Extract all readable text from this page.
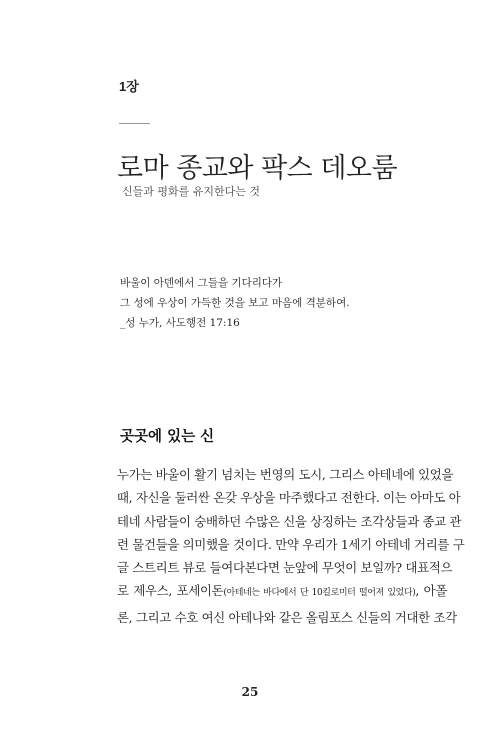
1장
로마 종교와 팍스 데오룸
신들과 평화를 유지한다는 것
바울이 아덴에서 그들을 기다리다가
그 성에 우상이 가득한 것을 보고 마음에 격분하여.
_성 누가, 사도행전 17:16
곳곳에 있는 신
누가는 바울이 활기 넘치는 번영의 도시, 그리스 아테네에 있었을
때, 자신을 둘러싼 온갖 우상을 마주했다고 전한다. 이는 아마도 아
테네 사람들이 숭배하던 수많은 신을 상징하는 조각상들과 종교 관
련 물건들을 의미했을 것이다. 만약 우리가 1세기 아테네 거리를 구
글 스트리트 뷰로 들여다본다면 눈앞에 무엇이 보일까? 대표적으
로 제우스, 포세이돈(아테네는 바다에서 단 10킬로미터 떨어져 있었다), 아폴
론, 그리고 수호 여신 아테나와 같은 올림포스 신들의 거대한 조각
25
